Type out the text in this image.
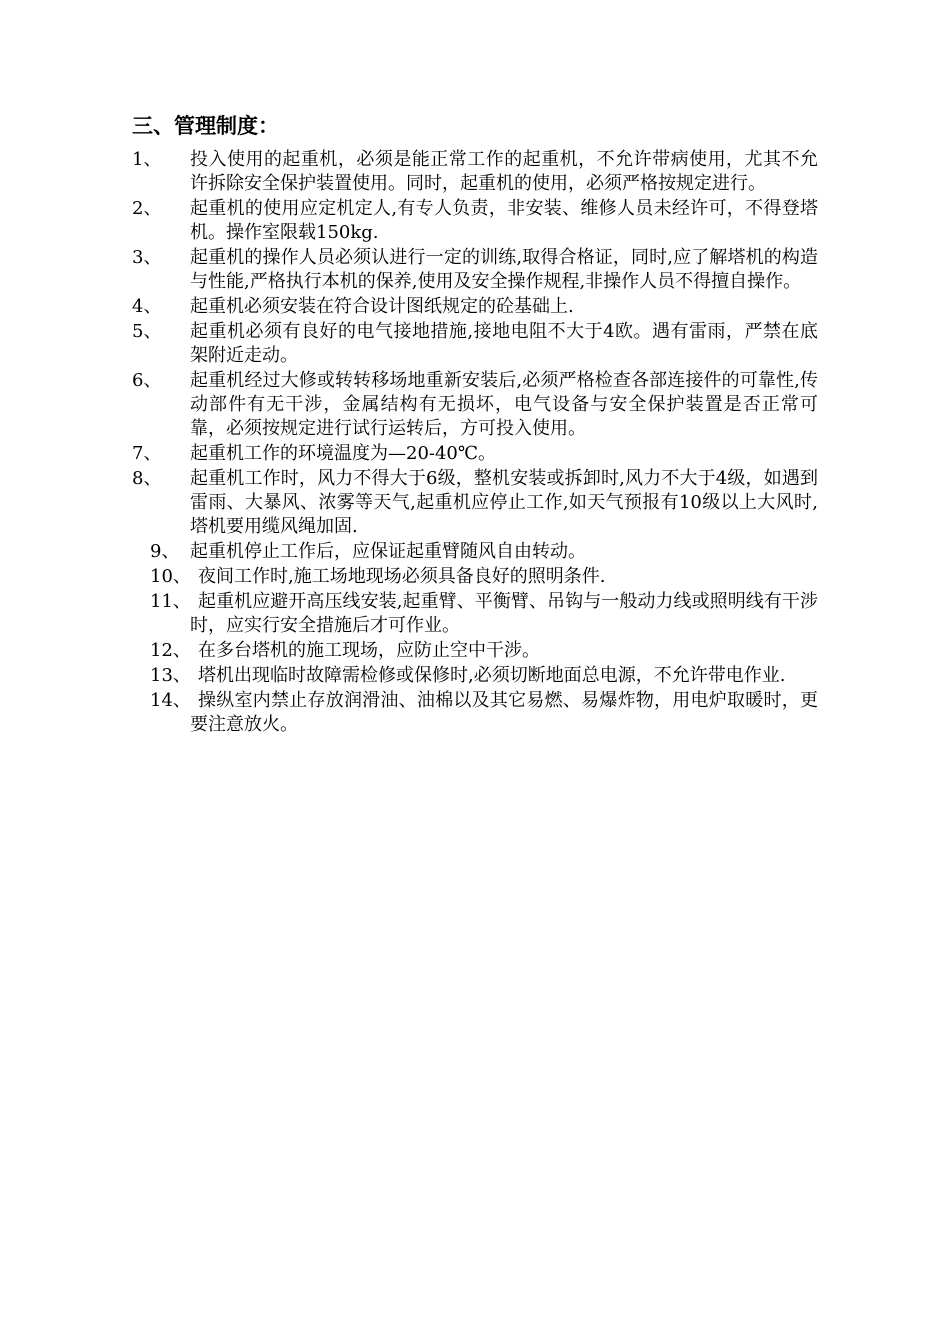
三、管理制度：
1、 投入使用的起重机，必须是能正常工作的起重机，不允许带病使用，尤其不允许拆除安全保护装置使用。同时，起重机的使用，必须严格按规定进行。
2、 起重机的使用应定机定人,有专人负责，非安装、维修人员未经许可，不得登塔机。操作室限载150kg.
3、 起重机的操作人员必须认进行一定的训练,取得合格证，同时,应了解塔机的构造与性能,严格执行本机的保养,使用及安全操作规程,非操作人员不得擅自操作。
4、 起重机必须安装在符合设计图纸规定的砼基础上.
5、 起重机必须有良好的电气接地措施,接地电阻不大于4欧。遇有雷雨，严禁在底架附近走动。
6、 起重机经过大修或转转移场地重新安装后,必须严格检查各部连接件的可靠性,传动部件有无干涉，金属结构有无损坏，电气设备与安全保护装置是否正常可靠，必须按规定进行试行运转后，方可投入使用。
7、 起重机工作的环境温度为—20-40℃。
8、 起重机工作时，风力不得大于6级，整机安装或拆卸时,风力不大于4级，如遇到雷雨、大暴风、浓雾等天气,起重机应停止工作,如天气预报有10级以上大风时,塔机要用缆风绳加固.
9、 起重机停止工作后，应保证起重臂随风自由转动。
10、 夜间工作时,施工场地现场必须具备良好的照明条件.
11、 起重机应避开高压线安装,起重臂、平衡臂、吊钩与一般动力线或照明线有干涉时，应实行安全措施后才可作业。
12、 在多台塔机的施工现场，应防止空中干涉。
13、 塔机出现临时故障需检修或保修时,必须切断地面总电源，不允许带电作业.
14、 操纵室内禁止存放润滑油、油棉以及其它易燃、易爆炸物，用电炉取暖时，更要注意放火。
